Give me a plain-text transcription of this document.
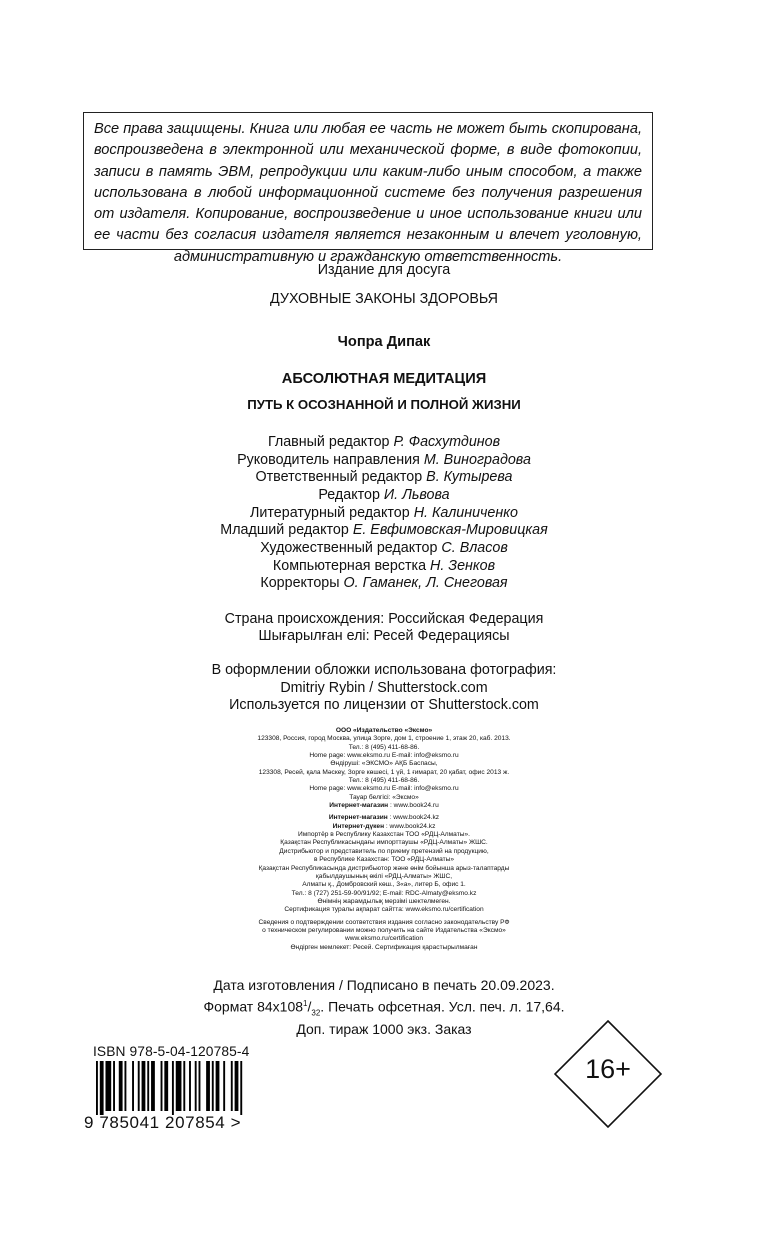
Все права защищены. Книга или любая ее часть не может быть скопирована, воспроизведена в электронной или механической форме, в виде фотокопии, записи в память ЭВМ, репродукции или каким-либо иным способом, а также использована в любой информационной системе без получения разрешения от издателя. Копирование, воспроизведение и иное использование книги или ее части без согласия издателя является незаконным и влечет уголовную, административную и гражданскую ответственность.
Издание для досуга
ДУХОВНЫЕ ЗАКОНЫ ЗДОРОВЬЯ
Чопра Дипак
АБСОЛЮТНАЯ МЕДИТАЦИЯ
ПУТЬ К ОСОЗНАННОЙ И ПОЛНОЙ ЖИЗНИ
Главный редактор Р. Фасхутдинов
Руководитель направления М. Виноградова
Ответственный редактор В. Кутырева
Редактор И. Львова
Литературный редактор Н. Калиниченко
Младший редактор Е. Евфимовская-Мировицкая
Художественный редактор С. Власов
Компьютерная верстка Н. Зенков
Корректоры О. Гаманек, Л. Снеговая
Страна происхождения: Российская Федерация
Шығарылған елі: Ресей Федерациясы
В оформлении обложки использована фотография:
Dmitriy Rybin / Shutterstock.com
Используется по лицензии от Shutterstock.com
ООО «Издательство «Эксмо»
123308, Россия, город Москва, улица Зорге, дом 1, строение 1, этаж 20, каб. 2013.
Тел.: 8 (495) 411-68-86.
Home page: www.eksmo.ru E-mail: info@eksmo.ru
Өндіруші: «ЭКСМО» АҚБ Баспасы,
123308, Ресей, қала Мәскеу, Зорге көшесі, 1 үй, 1 ғимарат, 20 қабат, офис 2013 ж.
Тел.: 8 (495) 411-68-86.
Home page: www.eksmo.ru E-mail: info@eksmo.ru
Тауар белгісі: «Эксмо»
Интернет-магазин : www.book24.ru
Интернет-магазин : www.book24.kz
Интернет-дүкен : www.book24.kz
Импортёр в Республику Казахстан ТОО «РДЦ-Алматы».
Қазақстан Республикасындағы импорттаушы «РДЦ-Алматы» ЖШС.
Дистрибьютор и представитель по приему претензий на продукцию,
в Республике Казахстан: ТОО «РДЦ-Алматы»
Қазақстан Республикасында дистрибьютор және өнім бойынша арыз-талаптарды
қабылдаушының өкілі «РДЦ-Алматы» ЖШС,
Алматы қ., Домбровский көш., 3«а», литер Б, офис 1.
Тел.: 8 (727) 251-59-90/91/92; E-mail: RDC-Almaty@eksmo.kz
Өнімнің жарамдылық мерзімі шектелмеген.
Сертификация туралы ақпарат сайтта: www.eksmo.ru/certification
Сведения о подтверждении соответствия издания согласно законодательству РФ
о техническом регулировании можно получить на сайте Издательства «Эксмо»
www.eksmo.ru/certification
Өндірген мемлекет: Ресей. Сертификация қарастырылмаған
Дата изготовления / Подписано в печать 20.09.2023.
Формат $84x108^1/_{32}$. Печать офсетная. Усл. печ. л. 17,64.
Доп. тираж 1000 экз. Заказ
ISBN 978-5-04-120785-4
9 785041 207854 >
16+
